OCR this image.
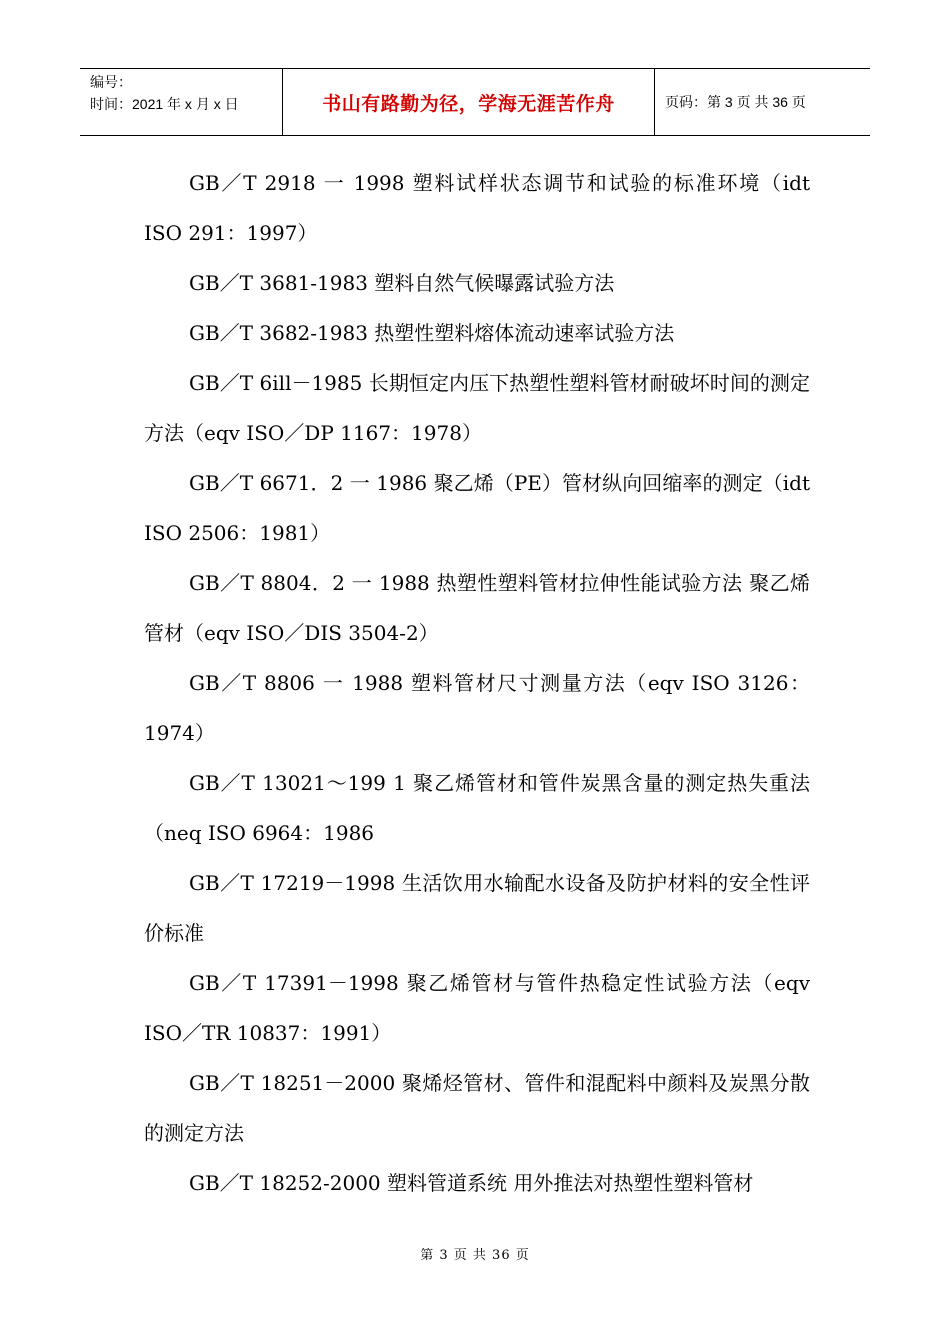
编号：
时间：2021 年 x 月 x 日	书山有路勤为径，学海无涯苦作舟	页码：第 3 页 共 36 页

GB／T 2918 一 1998 塑料试样状态调节和试验的标准环境（idt ISO 291：1997）

GB／T 3681-1983 塑料自然气候曝露试验方法

GB／T 3682-1983 热塑性塑料熔体流动速率试验方法

GB／T 6ill－1985 长期恒定内压下热塑性塑料管材耐破坏时间的测定方法（eqv ISO／DP 1167：1978）

GB／T 6671．2 一 1986 聚乙烯（PE）管材纵向回缩率的测定（idt ISO 2506：1981）

GB／T 8804．2 一 1988 热塑性塑料管材拉伸性能试验方法 聚乙烯管材（eqv ISO／DIS 3504-2）

GB／T 8806 一 1988 塑料管材尺寸测量方法（eqv ISO 3126：1974）

GB／T 13021～199 1 聚乙烯管材和管件炭黑含量的测定热失重法（neq ISO 6964：1986

GB／T 17219－1998 生活饮用水输配水设备及防护材料的安全性评价标准

GB／T 17391－1998 聚乙烯管材与管件热稳定性试验方法（eqv ISO／TR 10837：1991）

GB／T 18251－2000 聚烯烃管材、管件和混配料中颜料及炭黑分散的测定方法

GB／T 18252-2000 塑料管道系统 用外推法对热塑性塑料管材

第 3 页 共 36 页
